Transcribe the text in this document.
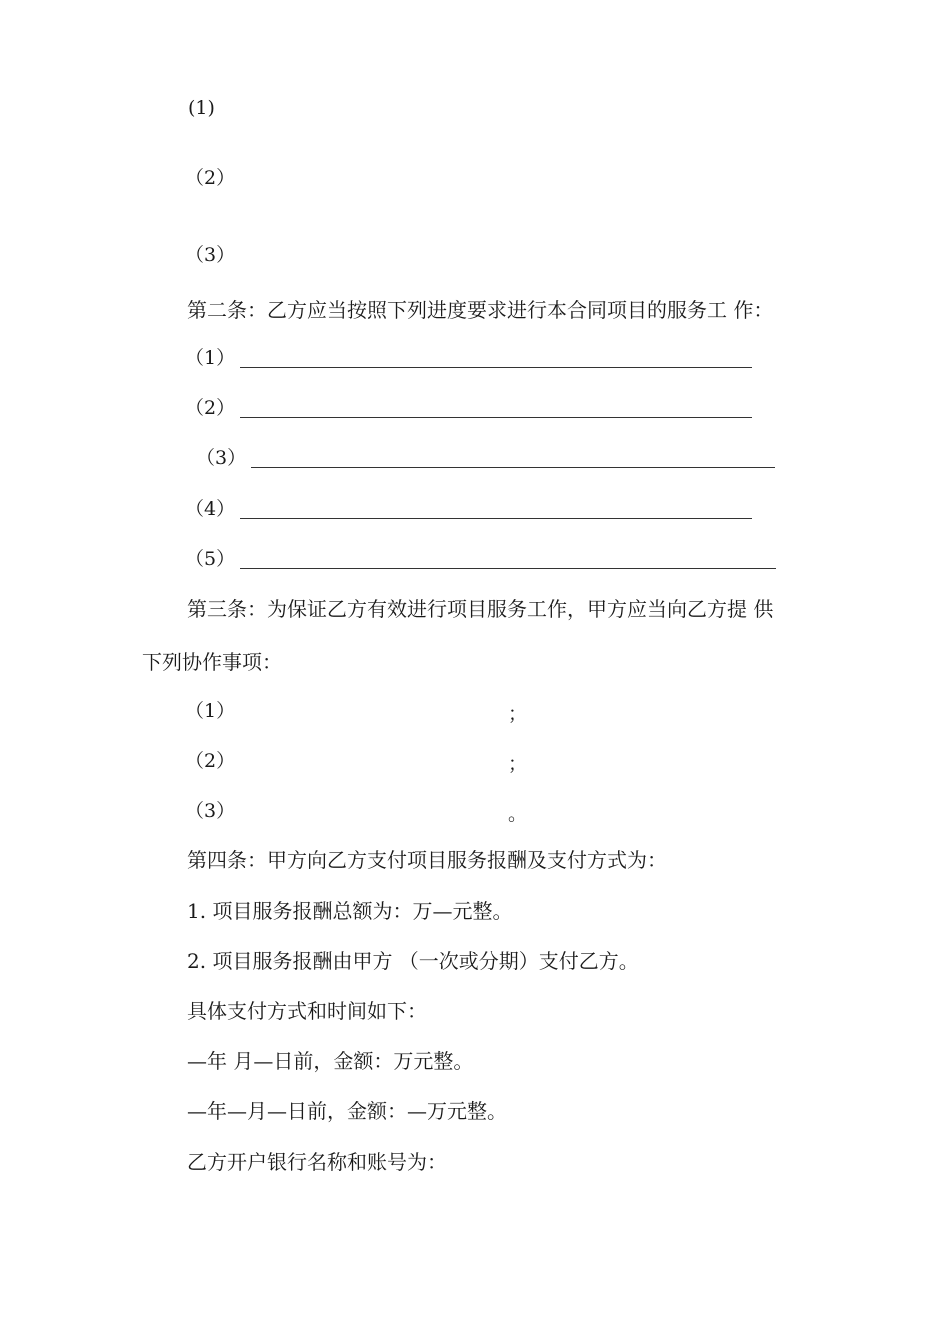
(1)
（2）
（3）
第二条：乙方应当按照下列进度要求进行本合同项目的服务工 作：
（1）
（2）
（3）
（4）
（5）
第三条：为保证乙方有效进行项目服务工作，甲方应当向乙方提 供
下列协作事项：
（1）	；
（2）	；
（3）	。
第四条：甲方向乙方支付项目服务报酬及支付方式为：
1. 项目服务报酬总额为：万—元整。
2. 项目服务报酬由甲方 （一次或分期）支付乙方。
具体支付方式和时间如下：
—年 月—日前，金额：万元整。
—年—月—日前，金额：—万元整。
乙方开户银行名称和账号为：
